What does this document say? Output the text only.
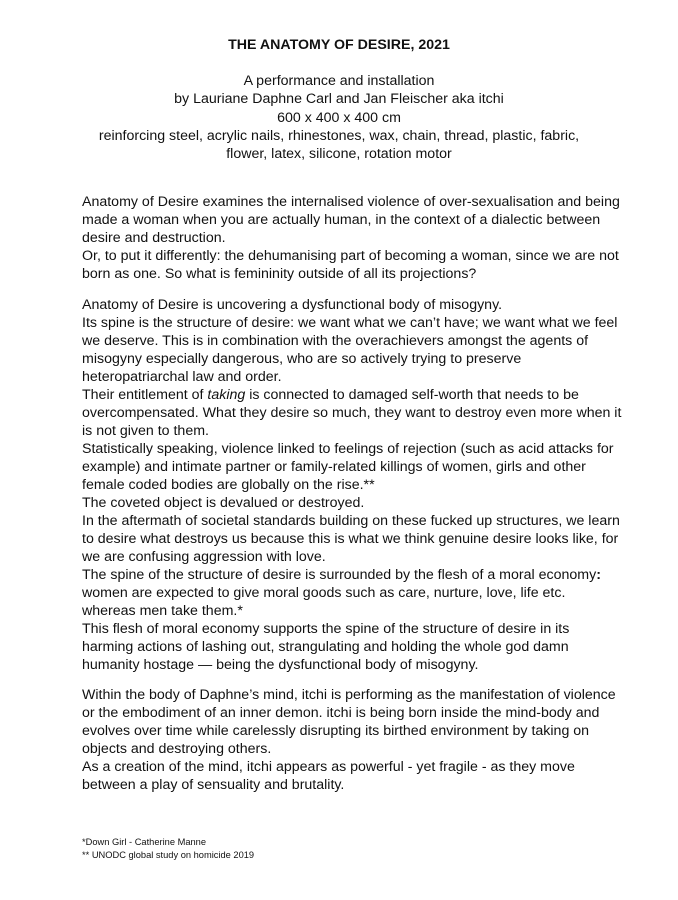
THE ANATOMY OF DESIRE, 2021
A performance and installation
by Lauriane Daphne Carl and Jan Fleischer aka itchi
600 x 400 x 400 cm
reinforcing steel, acrylic nails, rhinestones, wax, chain, thread, plastic, fabric,
flower, latex, silicone, rotation motor

Anatomy of Desire examines the internalised violence of over-sexualisation and being made a woman when you are actually human, in the context of a dialectic between desire and destruction.

Or, to put it differently: the dehumanising part of becoming a woman, since we are not born as one. So what is femininity outside of all its projections?

Anatomy of Desire is uncovering a dysfunctional body of misogyny.

Its spine is the structure of desire: we want what we can’t have; we want what we feel we deserve. This is in combination with the overachievers amongst the agents of misogyny especially dangerous, who are so actively trying to preserve heteropatriarchal law and order.

Their entitlement of taking is connected to damaged self-worth that needs to be overcompensated. What they desire so much, they want to destroy even more when it is not given to them.

Statistically speaking, violence linked to feelings of rejection (such as acid attacks for example) and intimate partner or family-related killings of women, girls and other female coded bodies are globally on the rise.**

The coveted object is devalued or destroyed.

In the aftermath of societal standards building on these fucked up structures, we learn to desire what destroys us because this is what we think genuine desire looks like, for we are confusing aggression with love.

The spine of the structure of desire is surrounded by the flesh of a moral economy: women are expected to give moral goods such as care, nurture, love, life etc. whereas men take them.*

This flesh of moral economy supports the spine of the structure of desire in its harming actions of lashing out, strangulating and holding the whole god damn humanity hostage — being the dysfunctional body of misogyny.

Within the body of Daphne’s mind, itchi is performing as the manifestation of violence or the embodiment of an inner demon. itchi is being born inside the mind-body and evolves over time while carelessly disrupting its birthed environment by taking on objects and destroying others.

As a creation of the mind, itchi appears as powerful - yet fragile - as they move between a play of sensuality and brutality.

*Down Girl - Catherine Manne

** UNODC global study on homicide 2019
